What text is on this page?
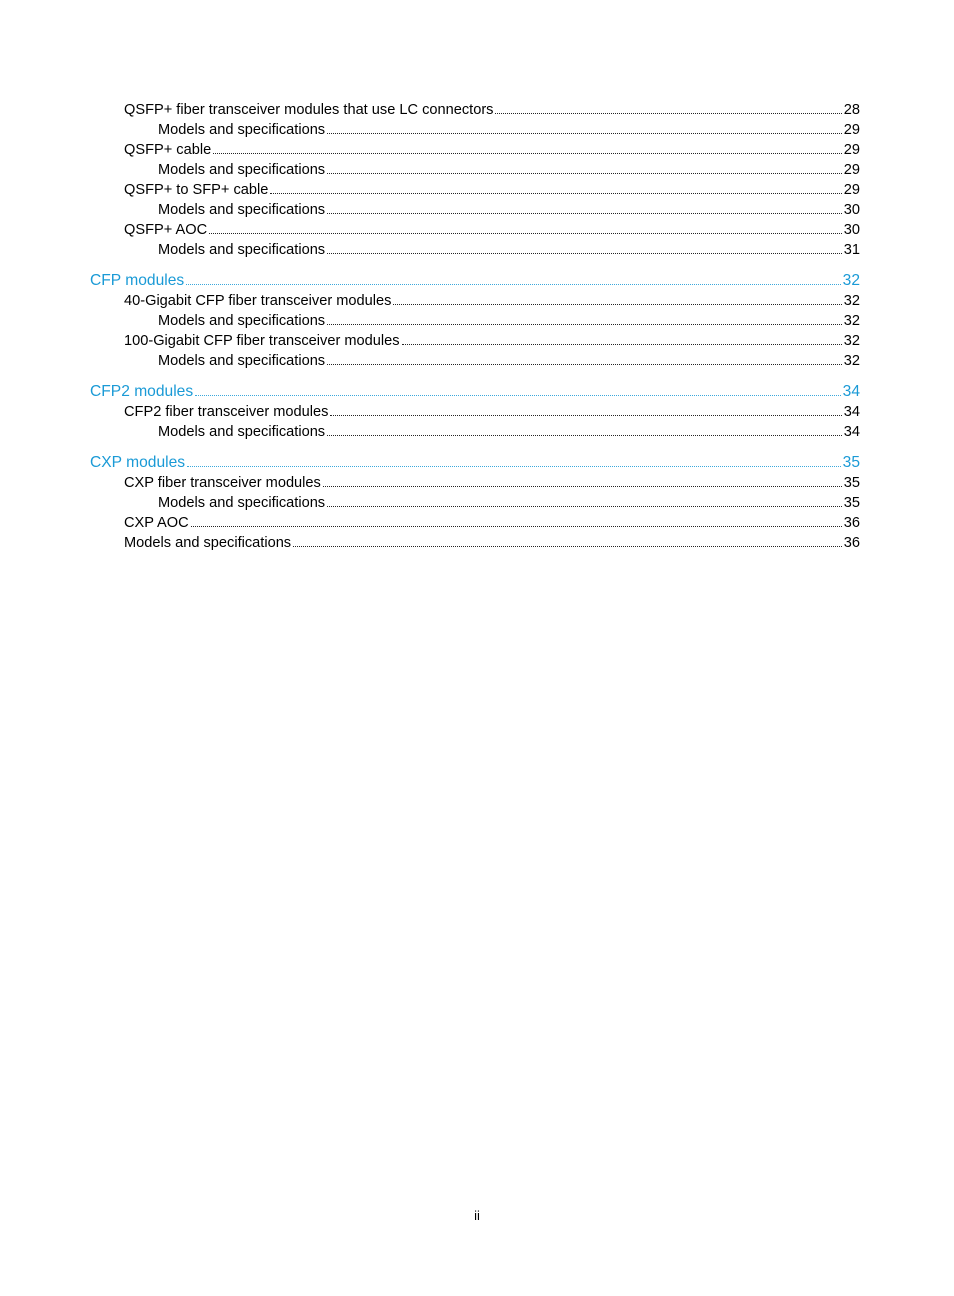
QSFP+ fiber transceiver modules that use LC connectors	28
Models and specifications	29
QSFP+ cable	29
Models and specifications	29
QSFP+ to SFP+ cable	29
Models and specifications	30
QSFP+ AOC	30
Models and specifications	31
CFP modules	32
40-Gigabit CFP fiber transceiver modules	32
Models and specifications	32
100-Gigabit CFP fiber transceiver modules	32
Models and specifications	32
CFP2 modules	34
CFP2 fiber transceiver modules	34
Models and specifications	34
CXP modules	35
CXP fiber transceiver modules	35
Models and specifications	35
CXP AOC	36
Models and specifications	36
ii
